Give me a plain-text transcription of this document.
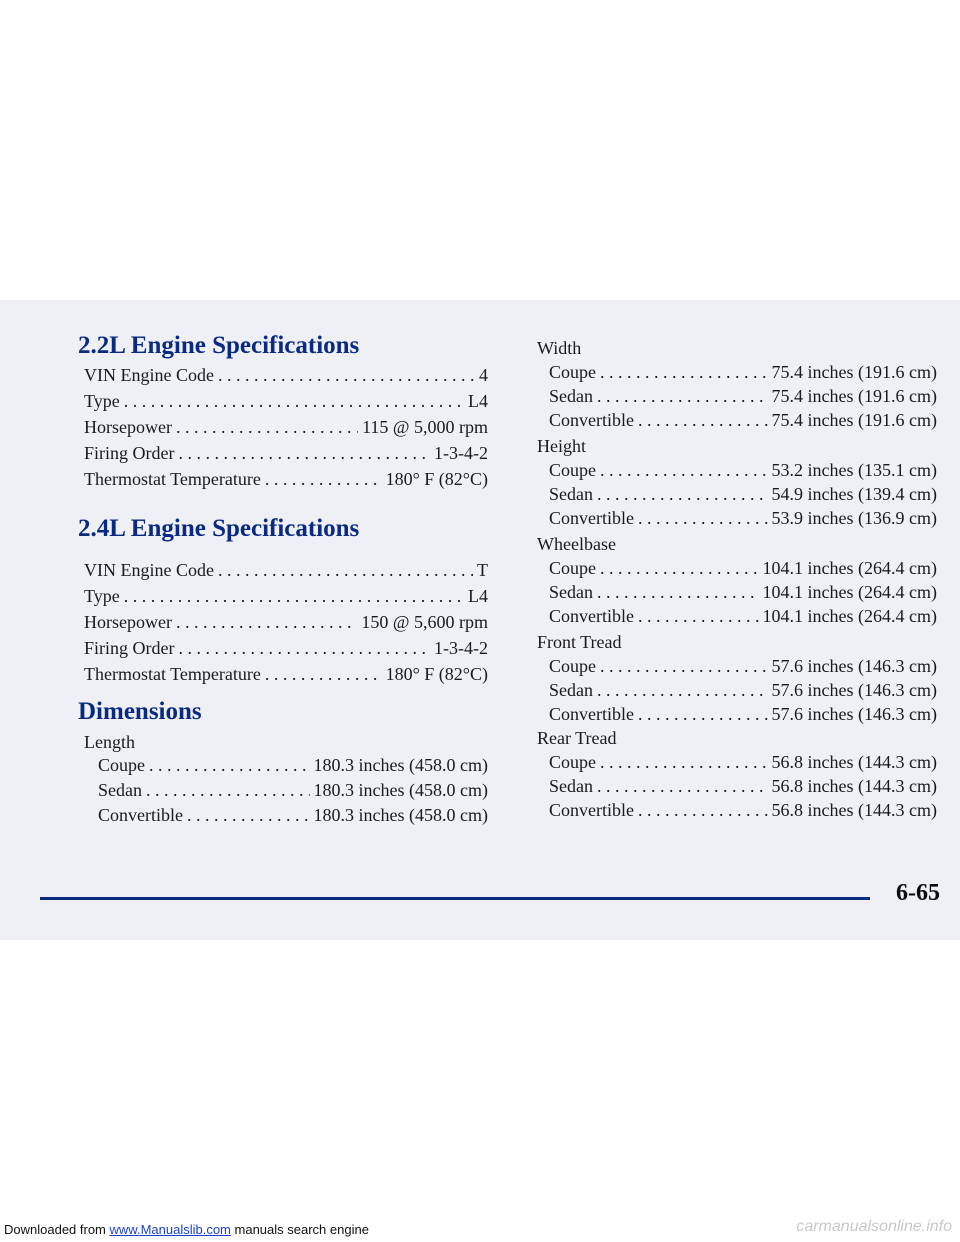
2.2L Engine Specifications
VIN Engine Code . . .	4
Type . . .	L4
Horsepower . . .	115 @ 5,000 rpm
Firing Order . . .	1-3-4-2
Thermostat Temperature . . .	180° F (82°C)
2.4L Engine Specifications
VIN Engine Code . . .	T
Type . . .	L4
Horsepower . . .	150 @ 5,600 rpm
Firing Order . . .	1-3-4-2
Thermostat Temperature . . .	180° F (82°C)
Dimensions
Length
Coupe . . .	180.3 inches (458.0 cm)
Sedan . . .	180.3 inches (458.0 cm)
Convertible . . .	180.3 inches (458.0 cm)
Width
Coupe . . .	75.4 inches (191.6 cm)
Sedan . . .	75.4 inches (191.6 cm)
Convertible . . .	75.4 inches (191.6 cm)
Height
Coupe . . .	53.2 inches (135.1 cm)
Sedan . . .	54.9 inches (139.4 cm)
Convertible . . .	53.9 inches (136.9 cm)
Wheelbase
Coupe . . .	104.1 inches (264.4 cm)
Sedan . . .	104.1 inches (264.4 cm)
Convertible . . .	104.1 inches (264.4 cm)
Front Tread
Coupe . . .	57.6 inches (146.3 cm)
Sedan . . .	57.6 inches (146.3 cm)
Convertible . . .	57.6 inches (146.3 cm)
Rear Tread
Coupe . . .	56.8 inches (144.3 cm)
Sedan . . .	56.8 inches (144.3 cm)
Convertible . . .	56.8 inches (144.3 cm)
6-65
Downloaded from www.Manualslib.com manuals search engine	carmanualsonline.info
